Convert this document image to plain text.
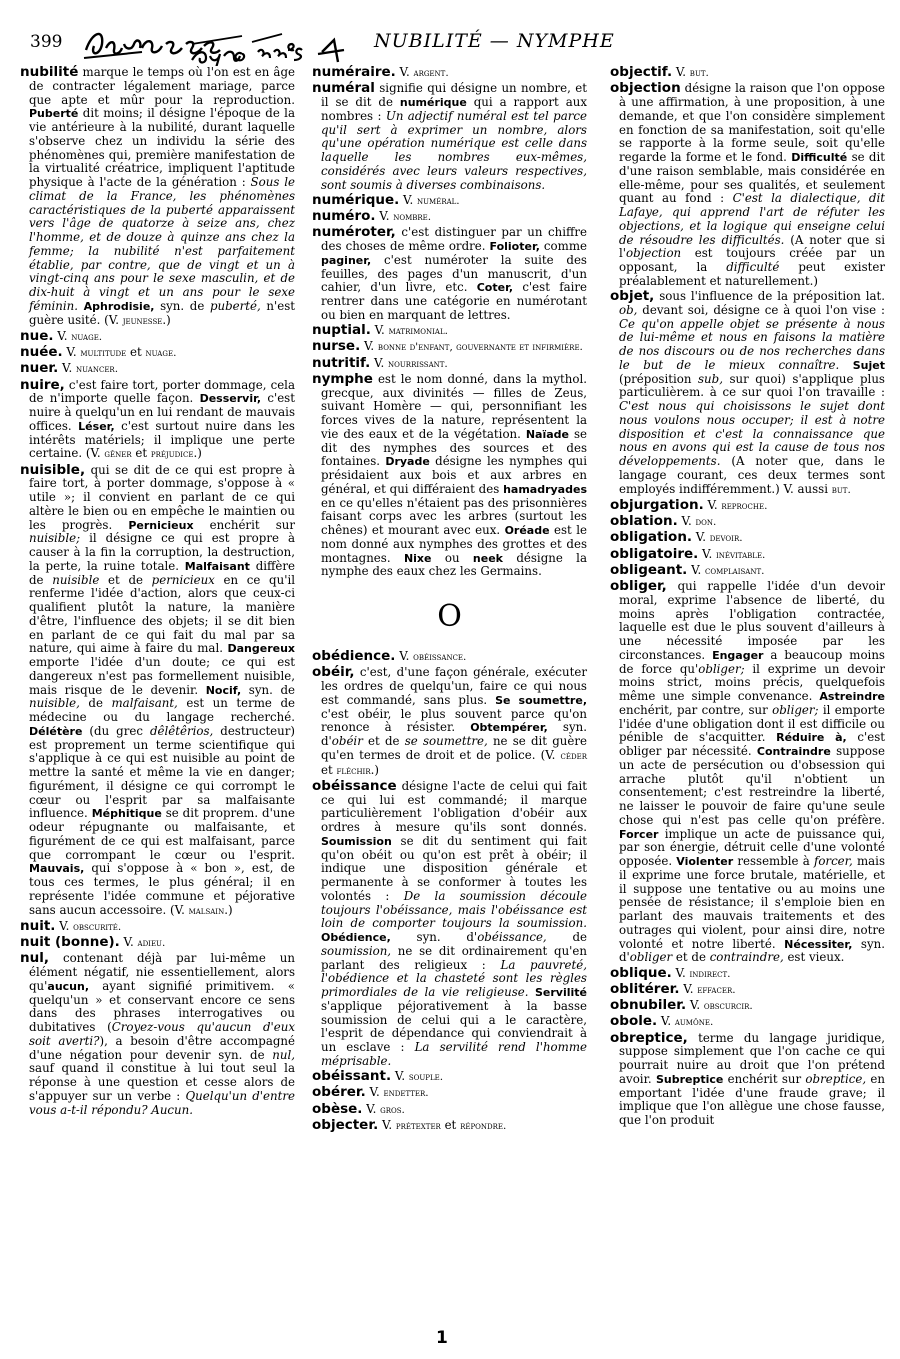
399	NUBILITÉ — NYMPHE

nubilité marque le temps où l'on est en âge de contracter légalement mariage, parce que apte et mûr pour la reproduction. Puberté dit moins; il désigne l'époque de la vie antérieure à la nubilité, durant laquelle s'observe chez un individu la série des phénomènes qui, première manifestation de la virtualité créatrice, impliquent l'aptitude physique à l'acte de la génération : Sous le climat de la France, les phénomènes caractéristiques de la puberté apparaissent vers l'âge de quatorze à seize ans, chez l'homme, et de douze à quinze ans chez la femme; la nubilité n'est parfaitement établie, par contre, que de vingt et un à vingt-cinq ans pour le sexe masculin, et de dix-huit à vingt et un ans pour le sexe féminin. Aphrodisie, syn. de puberté, n'est guère usité. (V. jeunesse.)

nue. V. nuage.

nuée. V. multitude et nuage.

nuer. V. nuancer.

nuire, c'est faire tort, porter dommage, cela de n'importe quelle façon. Desservir, c'est nuire à quelqu'un en lui rendant de mauvais offices. Léser, c'est surtout nuire dans les intérêts matériels; il implique une perte certaine. (V. gêner et préjudice.)

nuisible, qui se dit de ce qui est propre à faire tort, à porter dommage, s'oppose à « utile »; il convient en parlant de ce qui altère le bien ou en empêche le maintien ou les progrès. Pernicieux enchérit sur nuisible; il désigne ce qui est propre à causer à la fin la corruption, la destruction, la perte, la ruine totale. Malfaisant diffère de nuisible et de pernicieux en ce qu'il renferme l'idée d'action, alors que ceux-ci qualifient plutôt la nature, la manière d'être, l'influence des objets; il se dit bien en parlant de ce qui fait du mal par sa nature, qui aime à faire du mal. Dangereux emporte l'idée d'un doute; ce qui est dangereux n'est pas formellement nuisible, mais risque de le devenir. Nocif, syn. de nuisible, de malfaisant, est un terme de médecine ou du langage recherché. Délétère (du grec dêlêtêrios, destructeur) est proprement un terme scientifique qui s'applique à ce qui est nuisible au point de mettre la santé et même la vie en danger; figurément, il désigne ce qui corrompt le cœur ou l'esprit par sa malfaisante influence. Méphitique se dit proprem. d'une odeur répugnante ou malfaisante, et figurément de ce qui est malfaisant, parce que corrompant le cœur ou l'esprit. Mauvais, qui s'oppose à « bon », est, de tous ces termes, le plus général; il en représente l'idée commune et péjorative sans aucun accessoire. (V. malsain.)

nuit. V. obscurité.

nuit (bonne). V. adieu.

nul, contenant déjà par lui-même un élément négatif, nie essentiellement, alors qu'aucun, ayant signifié primitivem. « quelqu'un » et conservant encore ce sens dans des phrases interrogatives ou dubitatives (Croyez-vous qu'aucun d'eux soit averti?), a besoin d'être accompagné d'une négation pour devenir syn. de nul, sauf quand il constitue à lui tout seul la réponse à une question et cesse alors de s'appuyer sur un verbe : Quelqu'un d'entre vous a-t-il répondu? Aucun.

numéraire. V. argent.

numéral signifie qui désigne un nombre, et il se dit de numérique qui a rapport aux nombres : Un adjectif numéral est tel parce qu'il sert à exprimer un nombre, alors qu'une opération numérique est celle dans laquelle les nombres eux-mêmes, considérés avec leurs valeurs respectives, sont soumis à diverses combinaisons.

numérique. V. numéral.

numéro. V. nombre.

numéroter, c'est distinguer par un chiffre des choses de même ordre. Folioter, comme paginer, c'est numéroter la suite des feuilles, des pages d'un manuscrit, d'un cahier, d'un livre, etc. Coter, c'est faire rentrer dans une catégorie en numérotant ou bien en marquant de lettres.

nuptial. V. matrimonial.

nurse. V. bonne d'enfant, gouvernante et infirmière.

nutritif. V. nourrissant.

nymphe est le nom donné, dans la mythol. grecque, aux divinités — filles de Zeus, suivant Homère — qui, personnifiant les forces vives de la nature, représentent la vie des eaux et de la végétation. Naïade se dit des nymphes des sources et des fontaines. Dryade désigne les nymphes qui présidaient aux bois et aux arbres en général, et qui différaient des hamadryades en ce qu'elles n'étaient pas des prisonnières faisant corps avec les arbres (surtout les chênes) et mourant avec eux. Oréade est le nom donné aux nymphes des grottes et des montagnes. Nixe ou neek désigne la nymphe des eaux chez les Germains.

O

obédience. V. obéissance.

obéir, c'est, d'une façon générale, exécuter les ordres de quelqu'un, faire ce qui nous est commandé, sans plus. Se soumettre, c'est obéir, le plus souvent parce qu'on renonce à résister. Obtempérer, syn. d'obéir et de se soumettre, ne se dit guère qu'en termes de droit et de police. (V. céder et fléchir.)

obéissance désigne l'acte de celui qui fait ce qui lui est commandé; il marque particulièrement l'obligation d'obéir aux ordres à mesure qu'ils sont donnés. Soumission se dit du sentiment qui fait qu'on obéit ou qu'on est prêt à obéir; il indique une disposition générale et permanente à se conformer à toutes les volontés : De la soumission découle toujours l'obéissance, mais l'obéissance est loin de comporter toujours la soumission. Obédience, syn. d'obéissance, de soumission, ne se dit ordinairement qu'en parlant des religieux : La pauvreté, l'obédience et la chasteté sont les règles primordiales de la vie religieuse. Servilité s'applique péjorativement à la basse soumission de celui qui a le caractère, l'esprit de dépendance qui conviendrait à un esclave : La servilité rend l'homme méprisable.

obéissant. V. souple.

obérer. V. endetter.

obèse. V. gros.

objecter. V. prétexter et répondre.

objectif. V. but.

objection désigne la raison que l'on oppose à une affirmation, à une proposition, à une demande, et que l'on considère simplement en fonction de sa manifestation, soit qu'elle se rapporte à la forme seule, soit qu'elle regarde la forme et le fond. Difficulté se dit d'une raison semblable, mais considérée en elle-même, pour ses qualités, et seulement quant au fond : C'est la dialectique, dit Lafaye, qui apprend l'art de réfuter les objections, et la logique qui enseigne celui de résoudre les difficultés. (A noter que si l'objection est toujours créée par un opposant, la difficulté peut exister préalablement et naturellement.)

objet, sous l'influence de la préposition lat. ob, devant soi, désigne ce à quoi l'on vise : Ce qu'on appelle objet se présente à nous de lui-même et nous en faisons la matière de nos discours ou de nos recherches dans le but de le mieux connaître. Sujet (préposition sub, sur quoi) s'applique plus particulièrem. à ce sur quoi l'on travaille : C'est nous qui choisissons le sujet dont nous voulons nous occuper; il est à notre disposition et c'est la connaissance que nous en avons qui est la cause de tous nos développements. (A noter que, dans le langage courant, ces deux termes sont employés indifféremment.) V. aussi but.

objurgation. V. reproche.

oblation. V. don.

obligation. V. devoir.

obligatoire. V. inévitable.

obligeant. V. complaisant.

obliger, qui rappelle l'idée d'un devoir moral, exprime l'absence de liberté, du moins après l'obligation contractée, laquelle est due le plus souvent d'ailleurs à une nécessité imposée par les circonstances. Engager a beaucoup moins de force qu'obliger; il exprime un devoir moins strict, moins précis, quelquefois même une simple convenance. Astreindre enchérit, par contre, sur obliger; il emporte l'idée d'une obligation dont il est difficile ou pénible de s'acquitter. Réduire à, c'est obliger par nécessité. Contraindre suppose un acte de persécution ou d'obsession qui arrache plutôt qu'il n'obtient un consentement; c'est restreindre la liberté, ne laisser le pouvoir de faire qu'une seule chose qui n'est pas celle qu'on préfère. Forcer implique un acte de puissance qui, par son énergie, détruit celle d'une volonté opposée. Violenter ressemble à forcer, mais il exprime une force brutale, matérielle, et il suppose une tentative ou au moins une pensée de résistance; il s'emploie bien en parlant des mauvais traitements et des outrages qui violent, pour ainsi dire, notre volonté et notre liberté. Nécessiter, syn. d'obliger et de contraindre, est vieux.

oblique. V. indirect.

oblitérer. V. effacer.

obnubiler. V. obscurcir.

obole. V. aumône.

obreptice, terme du langage juridique, suppose simplement que l'on cache ce qui pourrait nuire au droit que l'on prétend avoir. Subreptice enchérit sur obreptice, en emportant l'idée d'une fraude grave; il implique que l'on allègue une chose fausse, que l'on produit

1
